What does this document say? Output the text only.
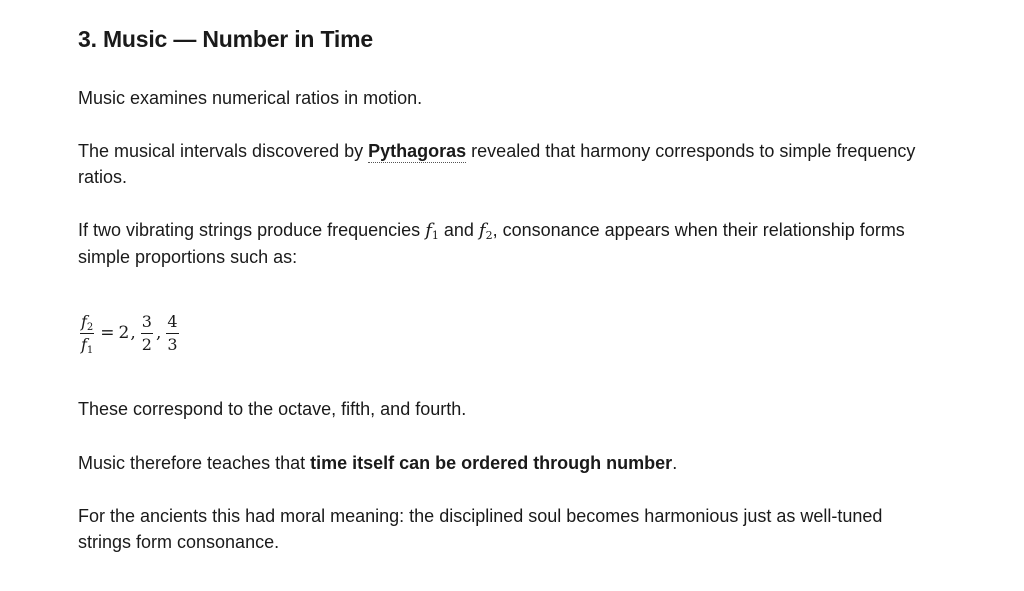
3. Music — Number in Time

Music examines numerical ratios in motion.

The musical intervals discovered by Pythagoras revealed that harmony corresponds to simple frequency ratios.

If two vibrating strings produce frequencies $f_1$ and $f_2$, consonance appears when their relationship forms simple proportions such as:

$\frac{f_2}{f_1} = 2$ , $\frac{3}{2}$ , $\frac{4}{3}$

These correspond to the octave, fifth, and fourth.

Music therefore teaches that time itself can be ordered through number.

For the ancients this had moral meaning: the disciplined soul becomes harmonious just as well-tuned strings form consonance.
